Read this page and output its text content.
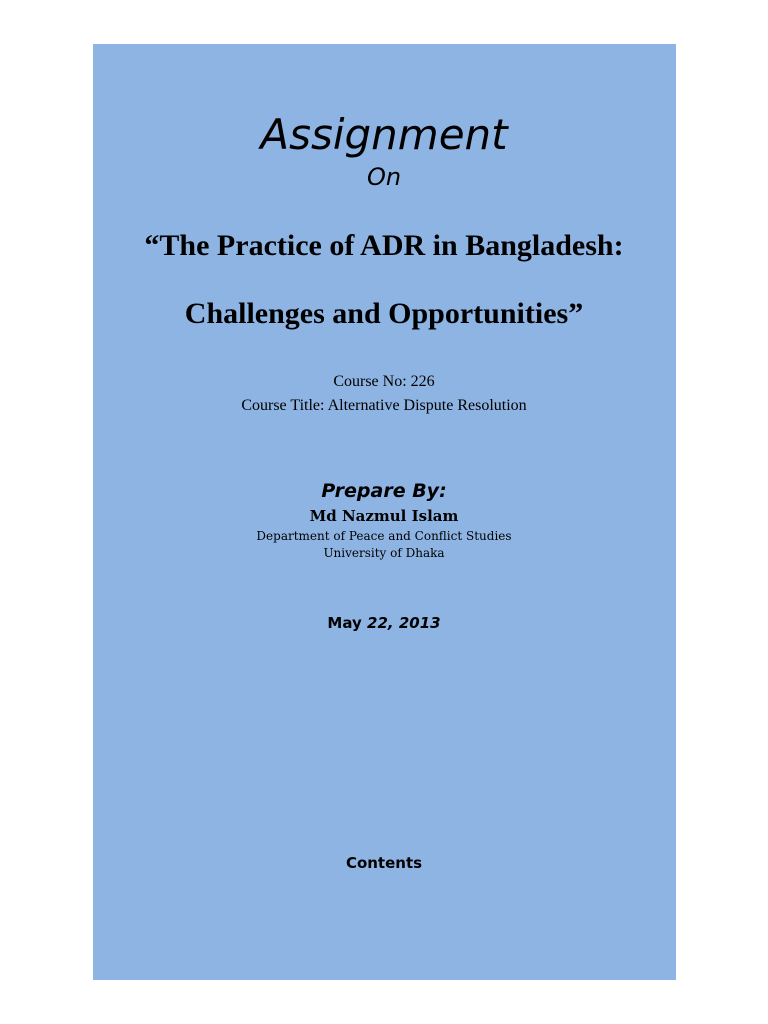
Assignment
On
“The Practice of ADR in Bangladesh:
Challenges and Opportunities”
Course No: 226
Course Title: Alternative Dispute Resolution
Prepare By:
Md Nazmul Islam
Department of Peace and Conflict Studies
University of Dhaka
May 22, 2013
Contents
